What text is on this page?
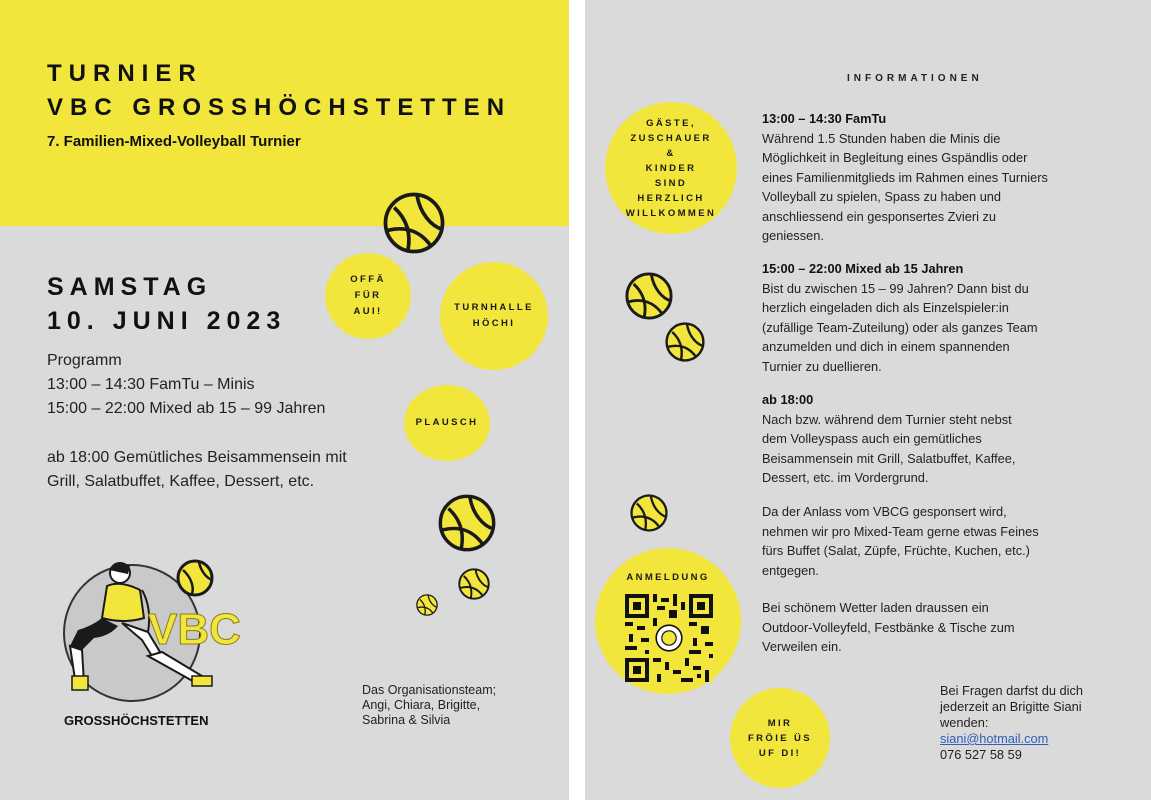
TURNIER
VBC GROSSHÖCHSTETTEN
7. Familien-Mixed-Volleyball Turnier
OFFÄ
FÜR
AUI!	TURNHALLE
HÖCHI
PLAUSCH
SAMSTAG
10. JUNI 2023
Programm
13:00 – 14:30 FamTu – Minis
15:00 – 22:00 Mixed ab 15 – 99 Jahren
ab 18:00 Gemütliches Beisammensein mit
Grill, Salatbuffet, Kaffee, Dessert, etc.
VBC
GROSSHÖCHSTETTEN
Das Organisationsteam;
Angi, Chiara, Brigitte,
Sabrina & Silvia
INFORMATIONEN
GÄSTE,
ZUSCHAUER
&
KINDER
SIND
HERZLICH
WILLKOMMEN
ANMELDUNG
MIR
FRÖIE ÜS
UF DI!
13:00 – 14:30 FamTu
Während 1.5 Stunden haben die Minis die
Möglichkeit in Begleitung eines Gspändlis oder
eines Familienmitglieds im Rahmen eines Turniers
Volleyball zu spielen, Spass zu haben und
anschliessend ein gesponsertes Zvieri zu
geniessen.
15:00 – 22:00 Mixed ab 15 Jahren
Bist du zwischen 15 – 99 Jahren? Dann bist du
herzlich eingeladen dich als Einzelspieler:in
(zufällige Team-Zuteilung) oder als ganzes Team
anzumelden und dich in einem spannenden
Turnier zu duellieren.
ab 18:00
Nach bzw. während dem Turnier steht nebst
dem Volleyspass auch ein gemütliches
Beisammensein mit Grill, Salatbuffet, Kaffee,
Dessert, etc. im Vordergrund.
Da der Anlass vom VBCG gesponsert wird,
nehmen wir pro Mixed-Team gerne etwas Feines
fürs Buffet (Salat, Züpfe, Früchte, Kuchen, etc.)
entgegen.
Bei schönem Wetter laden draussen ein
Outdoor-Volleyfeld, Festbänke & Tische zum
Verweilen ein.
Bei Fragen darfst du dich
jederzeit an Brigitte Siani
wenden:
siani@hotmail.com
076 527 58 59
